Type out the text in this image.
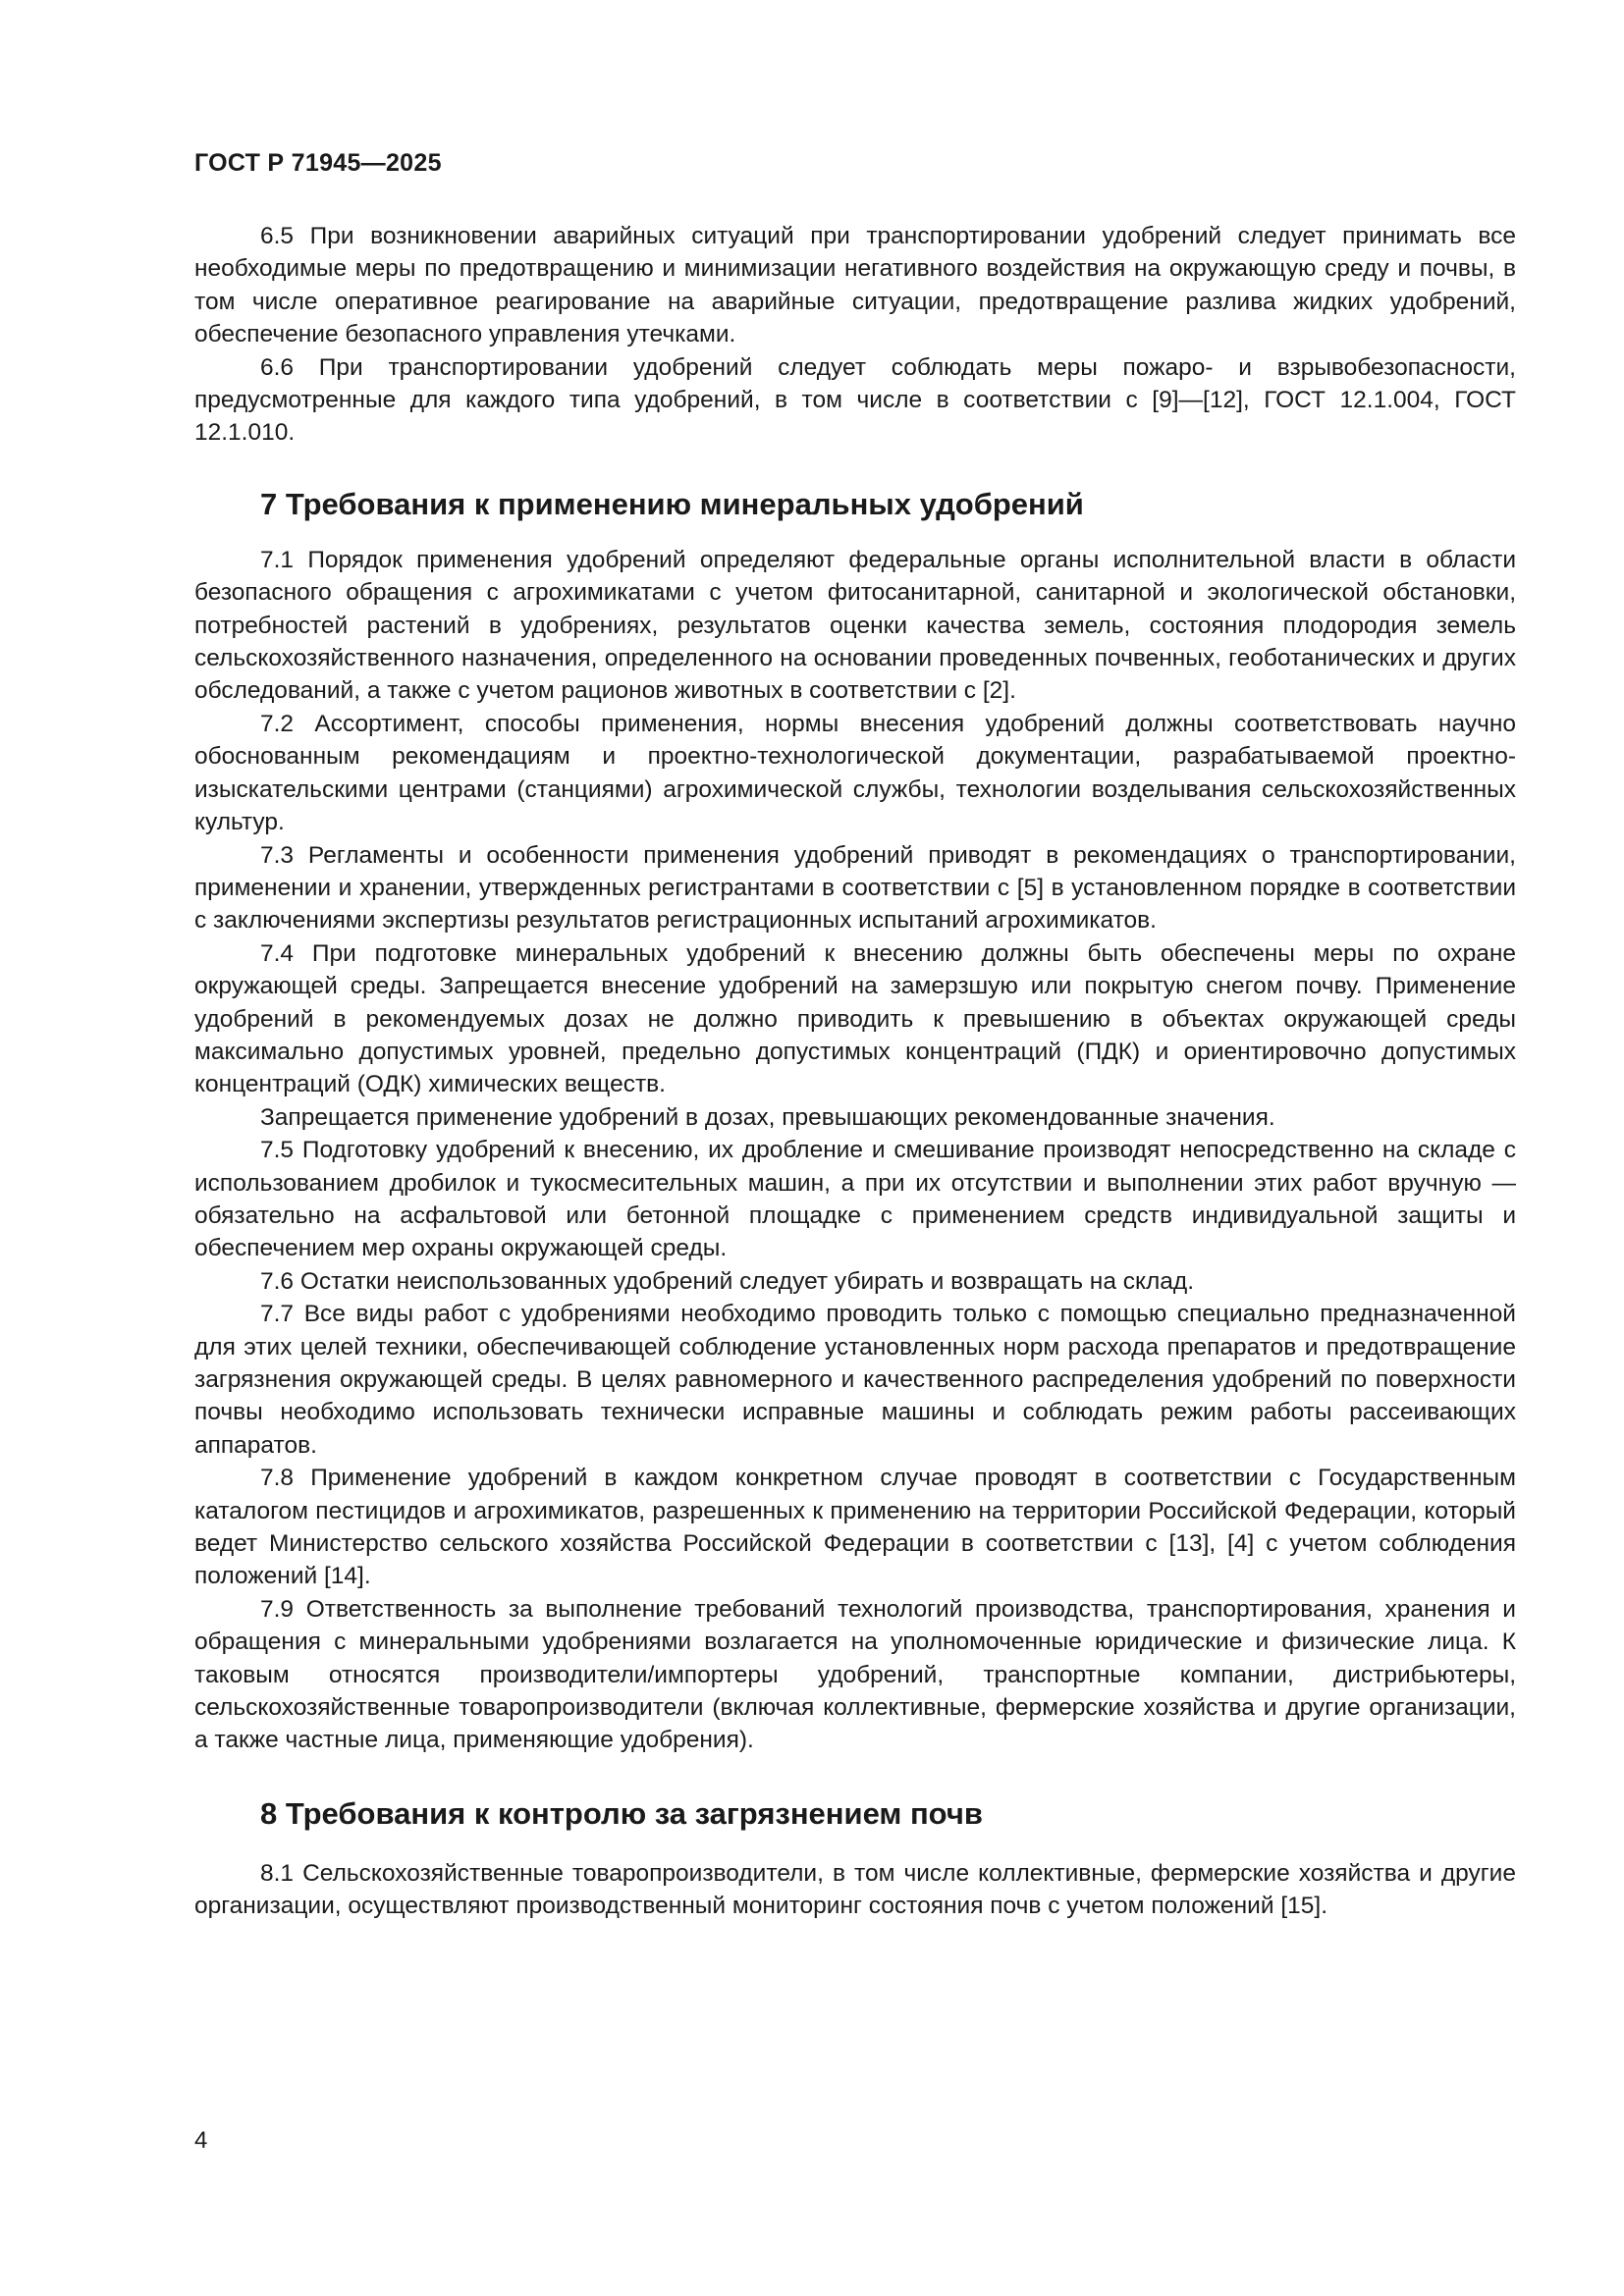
ГОСТ Р 71945—2025

6.5 При возникновении аварийных ситуаций при транспортировании удобрений следует принимать все необходимые меры по предотвращению и минимизации негативного воздействия на окружающую среду и почвы, в том числе оперативное реагирование на аварийные ситуации, предотвращение разлива жидких удобрений, обеспечение безопасного управления утечками.

6.6 При транспортировании удобрений следует соблюдать меры пожаро- и взрывобезопасности, предусмотренные для каждого типа удобрений, в том числе в соответствии с [9]—[12], ГОСТ 12.1.004, ГОСТ 12.1.010.

7 Требования к применению минеральных удобрений

7.1 Порядок применения удобрений определяют федеральные органы исполнительной власти в области безопасного обращения с агрохимикатами с учетом фитосанитарной, санитарной и экологической обстановки, потребностей растений в удобрениях, результатов оценки качества земель, состояния плодородия земель сельскохозяйственного назначения, определенного на основании проведенных почвенных, геоботанических и других обследований, а также с учетом рационов животных в соответствии с [2].

7.2 Ассортимент, способы применения, нормы внесения удобрений должны соответствовать научно обоснованным рекомендациям и проектно-технологической документации, разрабатываемой проектно-изыскательскими центрами (станциями) агрохимической службы, технологии возделывания сельскохозяйственных культур.

7.3 Регламенты и особенности применения удобрений приводят в рекомендациях о транспортировании, применении и хранении, утвержденных регистрантами в соответствии с [5] в установленном порядке в соответствии с заключениями экспертизы результатов регистрационных испытаний агрохимикатов.

7.4 При подготовке минеральных удобрений к внесению должны быть обеспечены меры по охране окружающей среды. Запрещается внесение удобрений на замерзшую или покрытую снегом почву. Применение удобрений в рекомендуемых дозах не должно приводить к превышению в объектах окружающей среды максимально допустимых уровней, предельно допустимых концентраций (ПДК) и ориентировочно допустимых концентраций (ОДК) химических веществ.

Запрещается применение удобрений в дозах, превышающих рекомендованные значения.

7.5 Подготовку удобрений к внесению, их дробление и смешивание производят непосредственно на складе с использованием дробилок и тукосмесительных машин, а при их отсутствии и выполнении этих работ вручную — обязательно на асфальтовой или бетонной площадке с применением средств индивидуальной защиты и обеспечением мер охраны окружающей среды.

7.6 Остатки неиспользованных удобрений следует убирать и возвращать на склад.

7.7 Все виды работ с удобрениями необходимо проводить только с помощью специально предназначенной для этих целей техники, обеспечивающей соблюдение установленных норм расхода препаратов и предотвращение загрязнения окружающей среды. В целях равномерного и качественного распределения удобрений по поверхности почвы необходимо использовать технически исправные машины и соблюдать режим работы рассеивающих аппаратов.

7.8 Применение удобрений в каждом конкретном случае проводят в соответствии с Государственным каталогом пестицидов и агрохимикатов, разрешенных к применению на территории Российской Федерации, который ведет Министерство сельского хозяйства Российской Федерации в соответствии с [13], [4] с учетом соблюдения положений [14].

7.9 Ответственность за выполнение требований технологий производства, транспортирования, хранения и обращения с минеральными удобрениями возлагается на уполномоченные юридические и физические лица. К таковым относятся производители/импортеры удобрений, транспортные компании, дистрибьютеры, сельскохозяйственные товаропроизводители (включая коллективные, фермерские хозяйства и другие организации, а также частные лица, применяющие удобрения).

8 Требования к контролю за загрязнением почв

8.1 Сельскохозяйственные товаропроизводители, в том числе коллективные, фермерские хозяйства и другие организации, осуществляют производственный мониторинг состояния почв с учетом положений [15].

4
